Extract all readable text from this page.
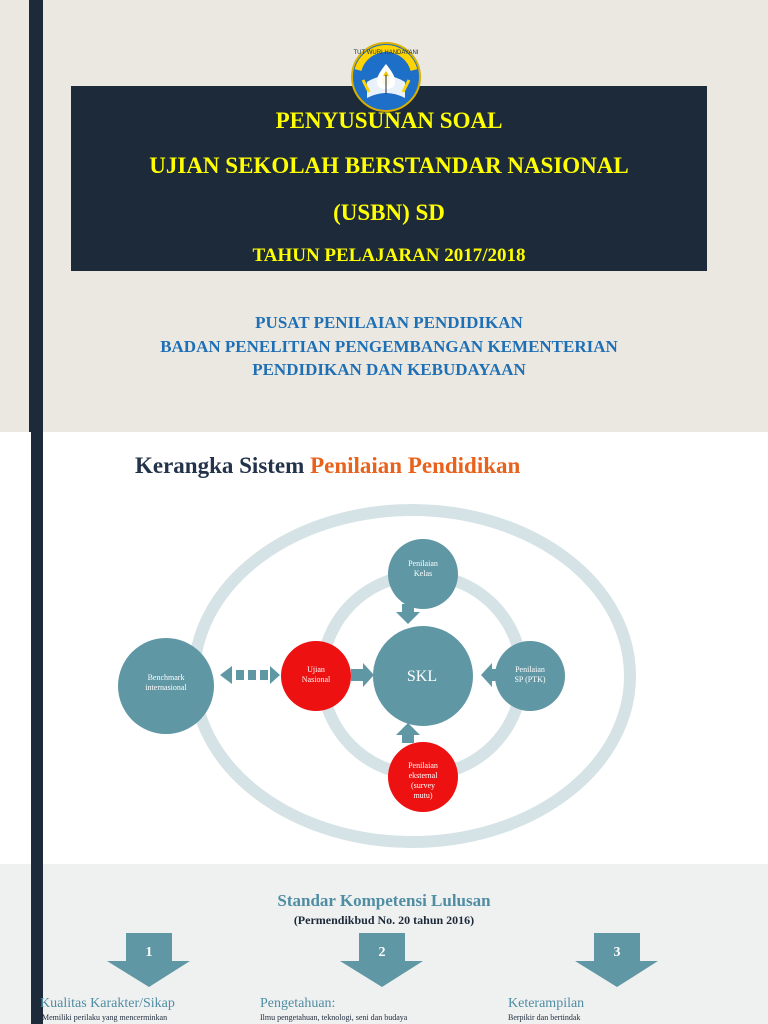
TUT WURI HANDAYANI
PENYUSUNAN SOAL
UJIAN SEKOLAH BERSTANDAR NASIONAL
(USBN) SD
TAHUN PELAJARAN 2017/2018
PUSAT PENILAIAN PENDIDIKAN
BADAN PENELITIAN PENGEMBANGAN KEMENTERIAN
PENDIDIKAN DAN KEBUDAYAAN
Kerangka Sistem Penilaian Pendidikan
Penilaian
Kelas
SKL	Penilaian
SP (PTK)
Ujian
Nasional
Penilaian
eksternal
(survey
mutu)
Benchmark
internasional
Standar Kompetensi Lulusan
(Permendikbud No. 20 tahun 2016)
1	2	3
Kualitas Karakter/Sikap
Memiliki perilaku yang mencerminkan
Pengetahuan:
Ilmu pengetahuan, teknologi, seni dan budaya
Keterampilan
Berpikir dan bertindak
